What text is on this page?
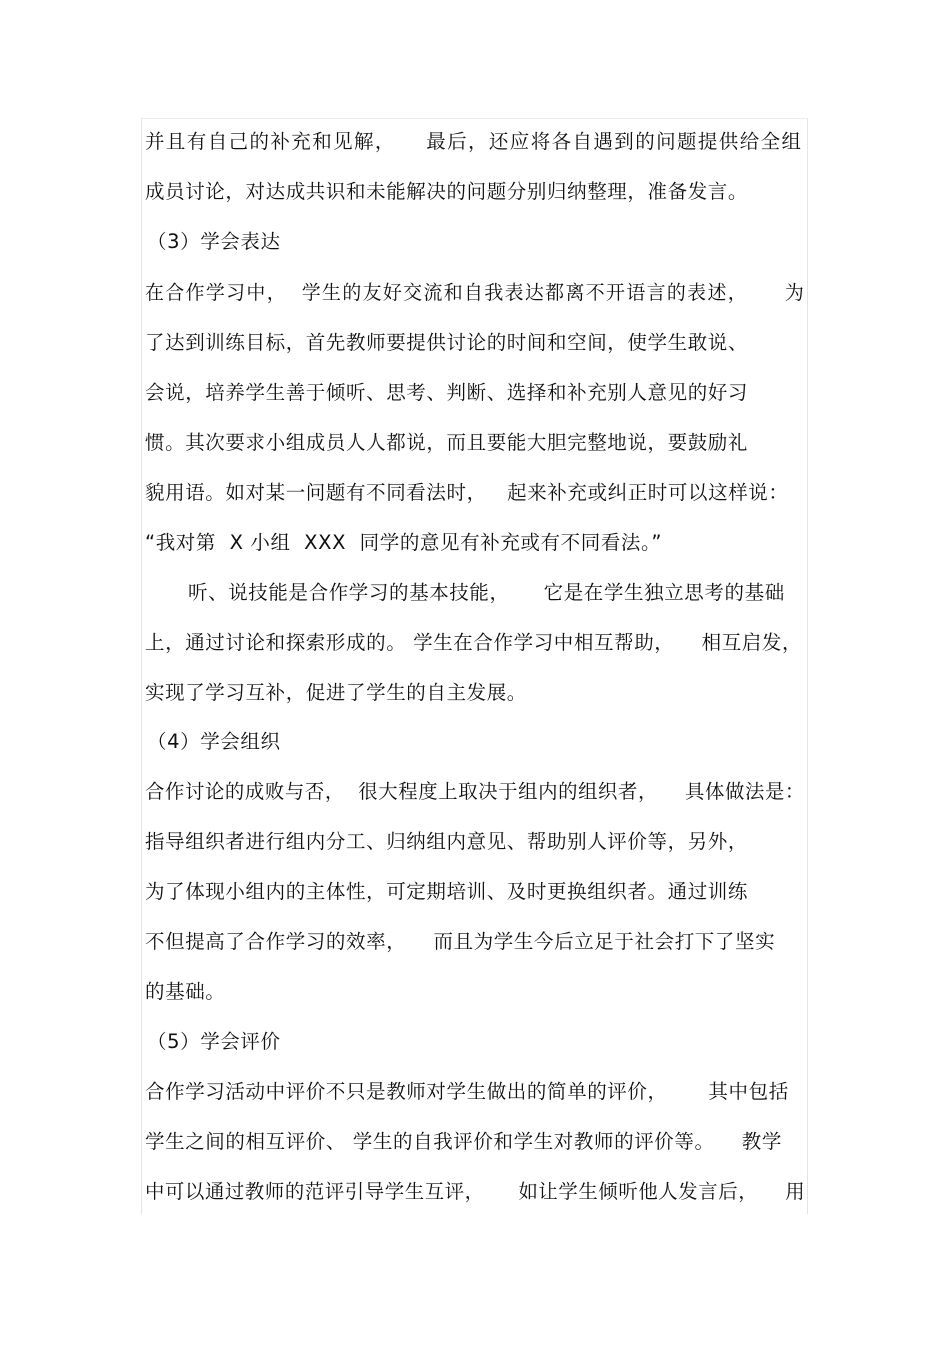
并且有自己的补充和见解，    最后，还应将各自遇到的问题提供给全组
成员讨论，对达成共识和未能解决的问题分别归纳整理，准备发言。
（3）学会表达
在合作学习中，  学生的友好交流和自我表达都离不开语言的表述，     为
了达到训练目标，首先教师要提供讨论的时间和空间，使学生敢说、
会说，培养学生善于倾听、思考、判断、选择和补充别人意见的好习
惯。其次要求小组成员人人都说，而且要能大胆完整地说，要鼓励礼
貌用语。如对某一问题有不同看法时，   起来补充或纠正时可以这样说：
“我对第  X 小组  XXX  同学的意见有补充或有不同看法。”
听、说技能是合作学习的基本技能，     它是在学生独立思考的基础
上，通过讨论和探索形成的。 学生在合作学习中相互帮助，    相互启发，
实现了学习互补，促进了学生的自主发展。
（4）学会组织
合作讨论的成败与否，  很大程度上取决于组内的组织者，    具体做法是：
指导组织者进行组内分工、归纳组内意见、帮助别人评价等，另外，
为了体现小组内的主体性，可定期培训、及时更换组织者。通过训练
不但提高了合作学习的效率，    而且为学生今后立足于社会打下了坚实
的基础。
（5）学会评价
合作学习活动中评价不只是教师对学生做出的简单的评价，      其中包括
学生之间的相互评价、 学生的自我评价和学生对教师的评价等。    教学
中可以通过教师的范评引导学生互评，     如让学生倾听他人发言后，    用
